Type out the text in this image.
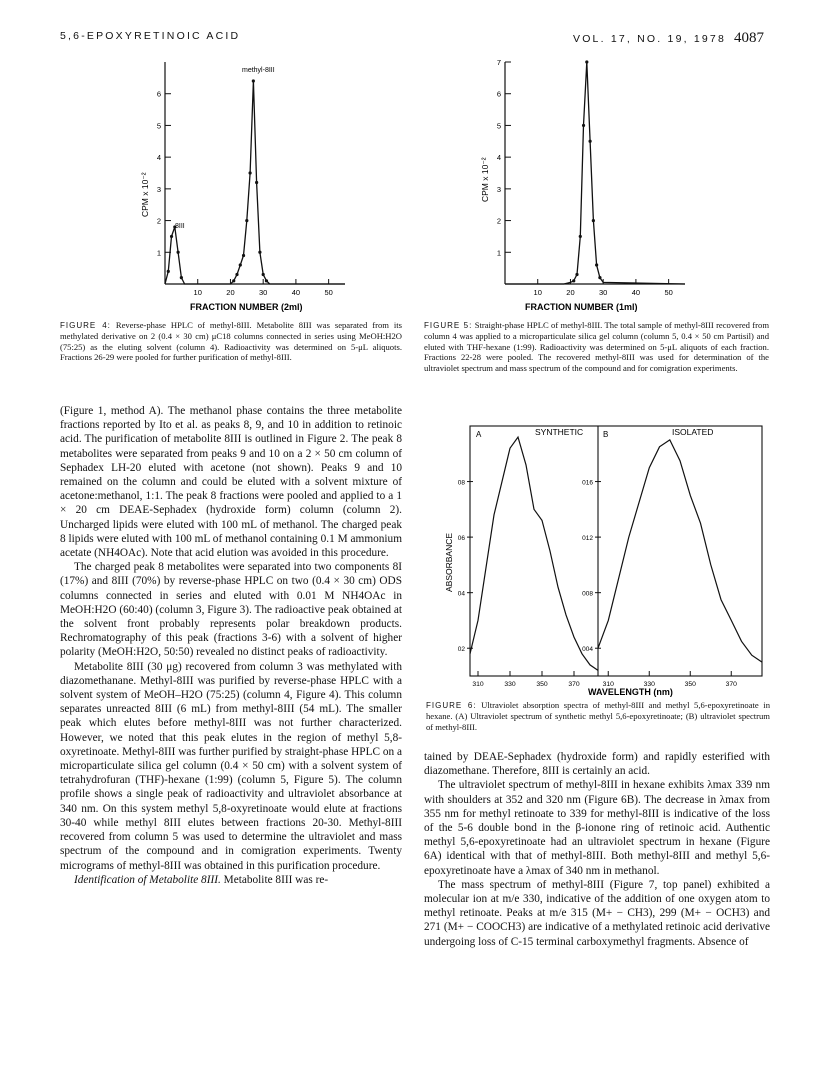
5,6-EPOXYRETINOIC ACID	VOL. 17, NO. 19, 1978 4087
1
2
3
4
5
6
10	20	30	40	50
methyl-8III
8III
CPM x 10⁻²
FRACTION NUMBER (2ml)
FIGURE 4: Reverse-phase HPLC of methyl-8III. Metabolite 8III was separated from its methylated derivative on 2 (0.4 × 30 cm) μC18 columns connected in series using MeOH:H2O (75:25) as the eluting solvent (column 4). Radioactivity was determined on 5-μL aliquots. Fractions 26-29 were pooled for further purification of methyl-8III.
1
2
3
4
5
6
7
10	20	30	40	50
CPM x 10⁻²
FRACTION NUMBER (1ml)
FIGURE 5: Straight-phase HPLC of methyl-8III. The total sample of methyl-8III recovered from column 4 was applied to a microparticulate silica gel column (column 5, 0.4 × 50 cm Partisil) and eluted with THF-hexane (1:99). Radioactivity was determined on 5-μL aliquots of each fraction. Fractions 22-28 were pooled. The recovered methyl-8III was used for determination of the ultraviolet spectrum and mass spectrum of the compound and for comigration experiments.
02
04
06
08
004
008
012
016
310	330	350	370	310	330	350	370
A	SYNTHETIC B	ISOLATED
ABSORBANCE
WAVELENGTH (nm)
FIGURE 6: Ultraviolet absorption spectra of methyl-8III and methyl 5,6-epoxyretinoate in hexane. (A) Ultraviolet spectrum of synthetic methyl 5,6-epoxyretinoate; (B) ultraviolet spectrum of methyl-8III.

(Figure 1, method A). The methanol phase contains the three metabolite fractions reported by Ito et al. as peaks 8, 9, and 10 in addition to retinoic acid. The purification of metabolite 8III is outlined in Figure 2. The peak 8 metabolites were separated from peaks 9 and 10 on a 2 × 50 cm column of Sephadex LH-20 eluted with acetone (not shown). Peaks 9 and 10 remained on the column and could be eluted with a solvent mixture of acetone:methanol, 1:1. The peak 8 fractions were pooled and applied to a 1 × 20 cm DEAE-Sephadex (hydroxide form) column (column 2). Uncharged lipids were eluted with 100 mL of methanol. The charged peak 8 lipids were eluted with 100 mL of methanol containing 0.1 M ammonium acetate (NH4OAc). Note that acid elution was avoided in this procedure.

The charged peak 8 metabolites were separated into two components 8I (17%) and 8III (70%) by reverse-phase HPLC on two (0.4 × 30 cm) ODS columns connected in series and eluted with 0.01 M NH4OAc in MeOH:H2O (60:40) (column 3, Figure 3). The radioactive peak obtained at the solvent front probably represents polar breakdown products. Rechromatography of this peak (fractions 3-6) with a solvent of higher polarity (MeOH:H2O, 50:50) revealed no distinct peaks of radioactivity.

Metabolite 8III (30 μg) recovered from column 3 was methylated with diazomethanane. Methyl-8III was purified by reverse-phase HPLC with a solvent system of MeOH–H2O (75:25) (column 4, Figure 4). This column separates unreacted 8III (6 mL) from methyl-8III (54 mL). The smaller peak which elutes before methyl-8III was not further characterized. However, we noted that this peak elutes in the region of methyl 5,8-oxyretinoate. Methyl-8III was further purified by straight-phase HPLC on a microparticulate silica gel column (0.4 × 50 cm) with a solvent system of tetrahydrofuran (THF)-hexane (1:99) (column 5, Figure 5). The column profile shows a single peak of radioactivity and ultraviolet absorbance at 340 nm. On this system methyl 5,8-oxyretinoate would elute at fractions 30-40 while methyl 8III elutes between fractions 20-30. Methyl-8III recovered from column 5 was used to determine the ultraviolet and mass spectrum of the compound and in comigration experiments. Twenty micrograms of methyl-8III was obtained in this purification procedure.

Identification of Metabolite 8III. Metabolite 8III was re-

tained by DEAE-Sephadex (hydroxide form) and rapidly esterified with diazomethane. Therefore, 8III is certainly an acid.

The ultraviolet spectrum of methyl-8III in hexane exhibits λmax 339 nm with shoulders at 352 and 320 nm (Figure 6B). The decrease in λmax from 355 nm for methyl retinoate to 339 for methyl-8III is indicative of the loss of the 5-6 double bond in the β-ionone ring of retinoic acid. Authentic methyl 5,6-epoxyretinoate had an ultraviolet spectrum in hexane (Figure 6A) identical with that of methyl-8III. Both methyl-8III and methyl 5,6-epoxyretinoate have a λmax of 340 nm in methanol.

The mass spectrum of methyl-8III (Figure 7, top panel) exhibited a molecular ion at m/e 330, indicative of the addition of one oxygen atom to methyl retinoate. Peaks at m/e 315 (M+ − CH3), 299 (M+ − OCH3) and 271 (M+ − COOCH3) are indicative of a methylated retinoic acid derivative undergoing loss of C-15 terminal carboxymethyl fragments. Absence of
